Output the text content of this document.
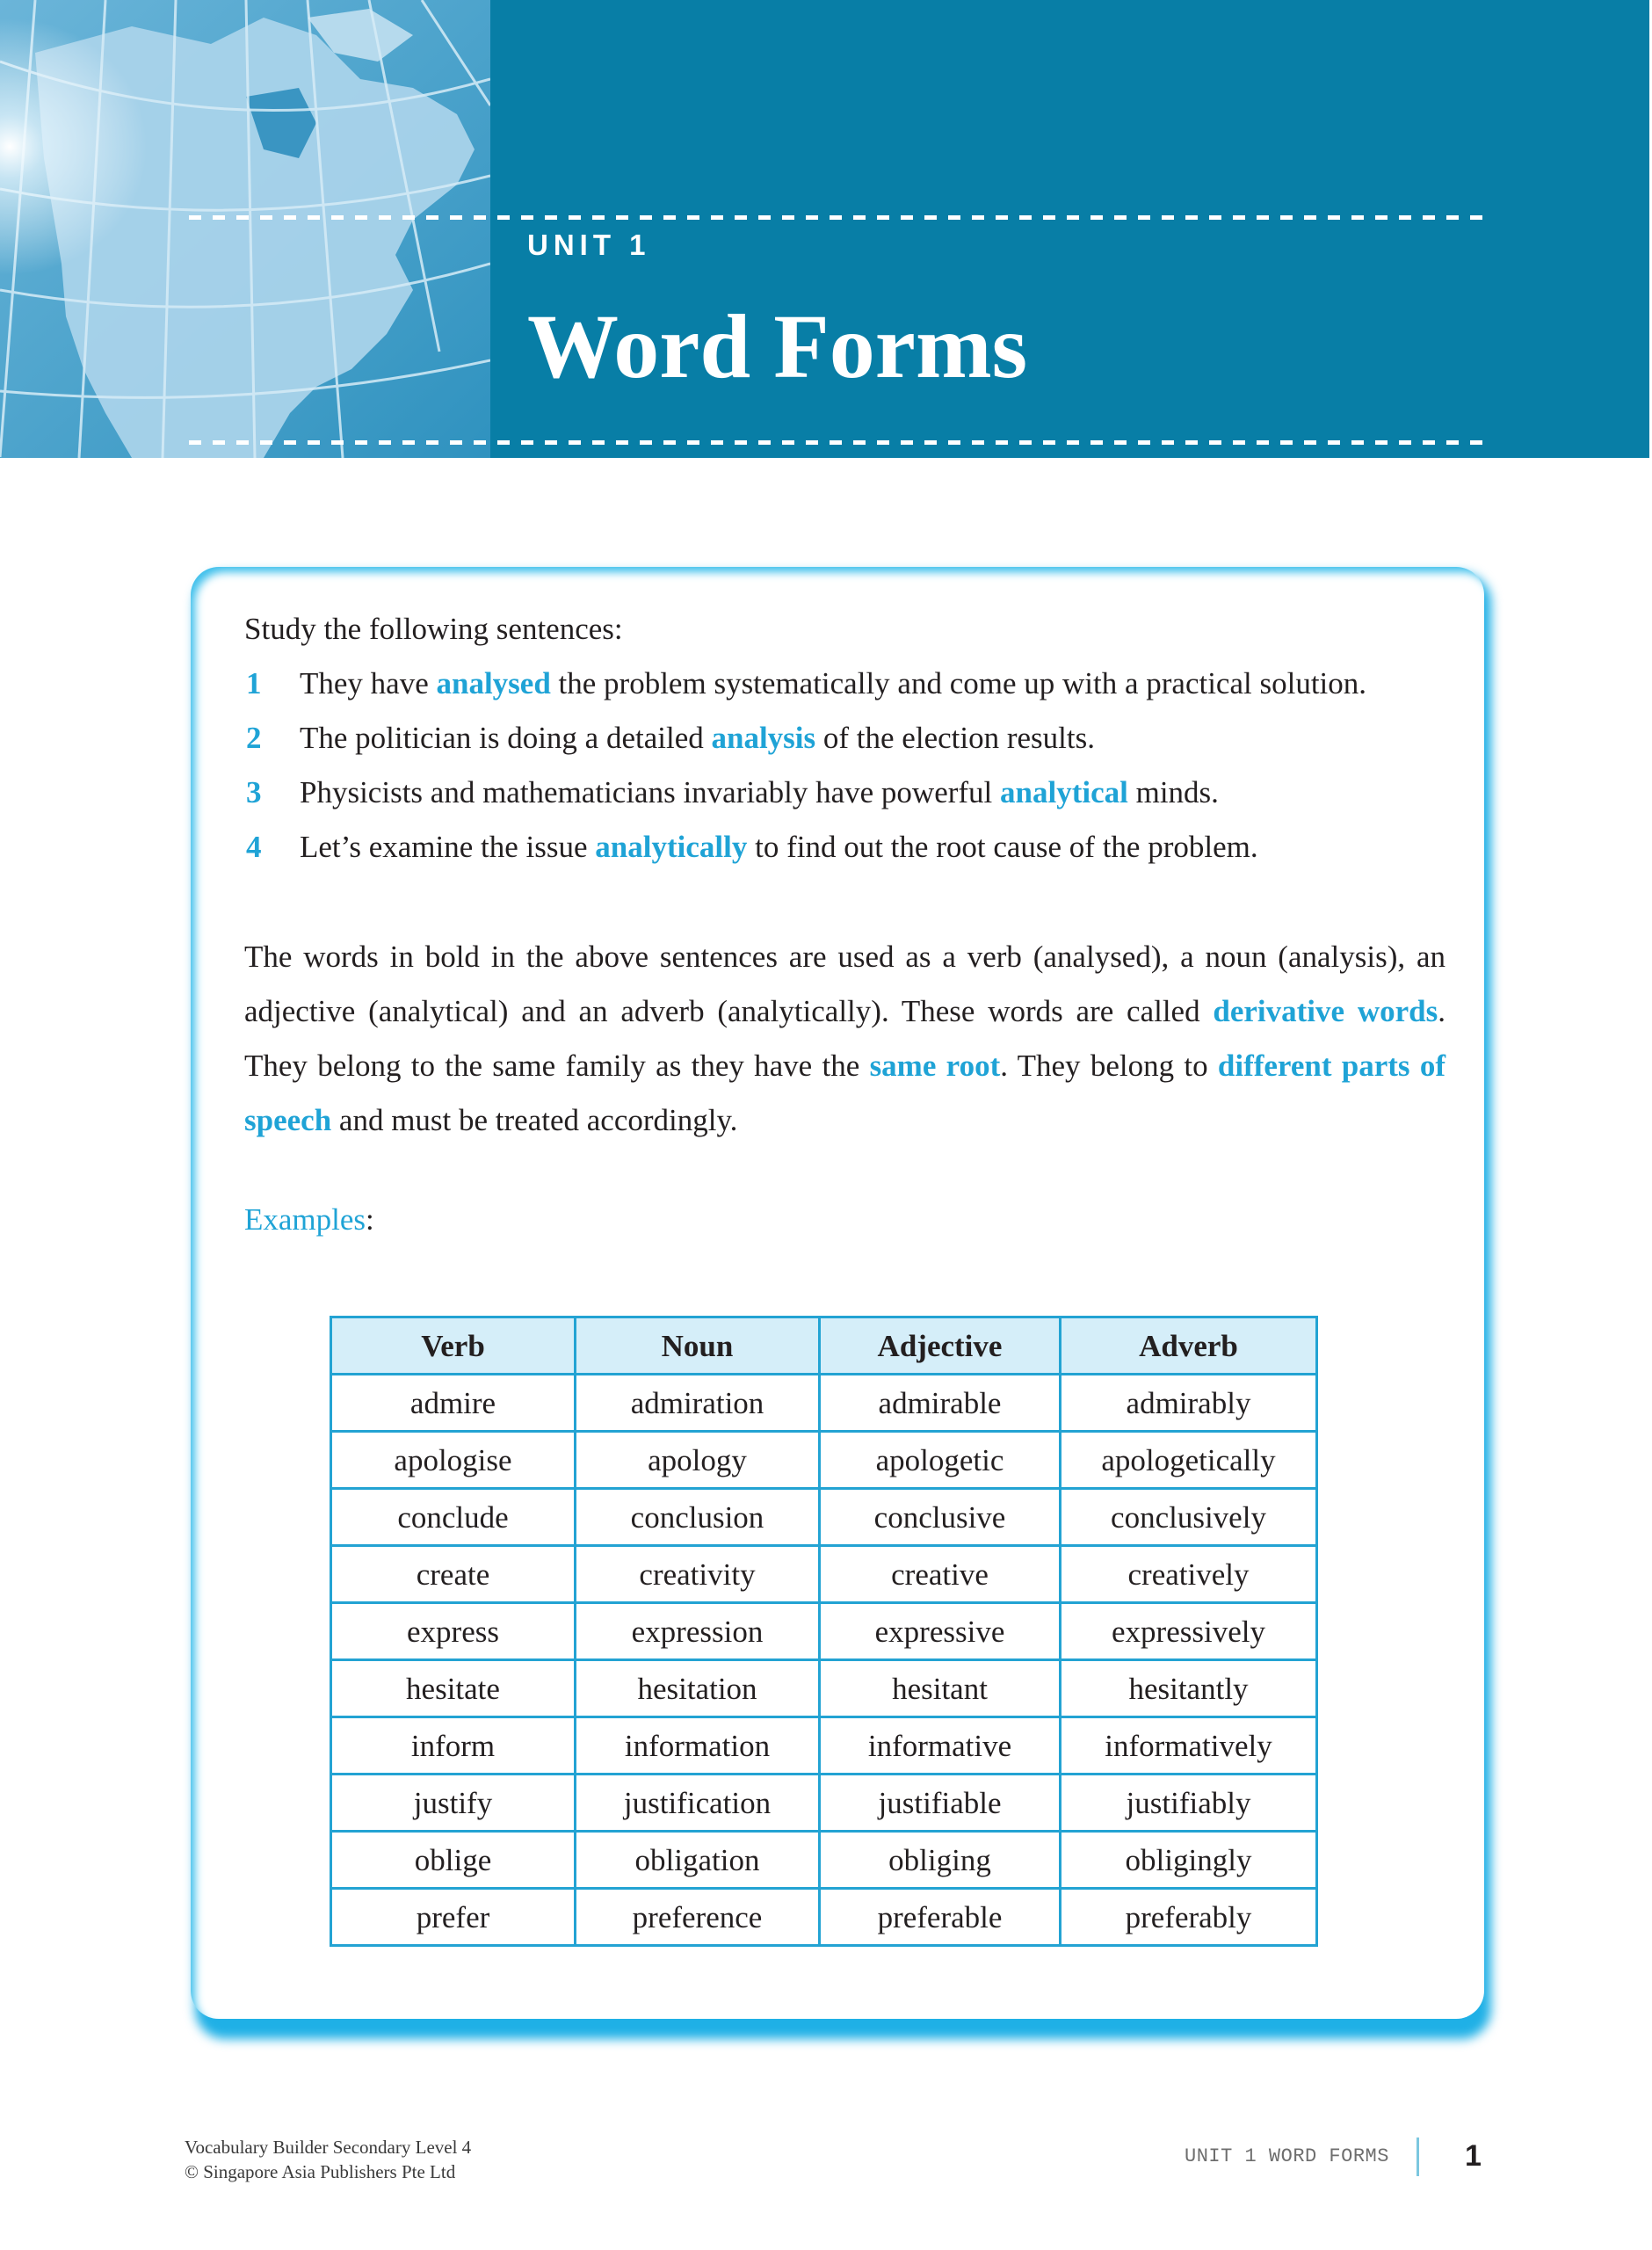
UNIT 1
Word Forms
Study the following sentences:
1 They have analysed the problem systematically and come up with a practical solution.
2 The politician is doing a detailed analysis of the election results.
3 Physicists and mathematicians invariably have powerful analytical minds.
4 Let’s examine the issue analytically to find out the root cause of the problem.

The words in bold in the above sentences are used as a verb (analysed), a noun (analysis), an adjective (analytical) and an adverb (analytically). These words are called derivative words. They belong to the same family as they have the same root. They belong to different parts of speech and must be treated accordingly.

Examples:
Verb	Noun	Adjective	Adverb
admire	admiration	admirable	admirably
apologise	apology	apologetic	apologetically
conclude	conclusion	conclusive	conclusively
create	creativity	creative	creatively
express	expression	expressive	expressively
hesitate	hesitation	hesitant	hesitantly
inform	information	informative	informatively
justify	justification	justifiable	justifiably
oblige	obligation	obliging	obligingly
prefer	preference	preferable	preferably
Vocabulary Builder Secondary Level 4
© Singapore Asia Publishers Pte Ltd
UNIT 1 WORD FORMS	1
